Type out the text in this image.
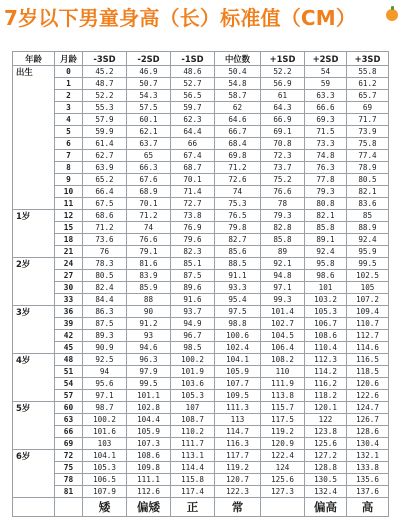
7岁以下男童身高（长）标准值（CM）
年龄	月龄	-3SD	-2SD	-1SD	中位数	+1SD	+2SD	+3SD
出生	0	45.2	46.9	48.6	50.4	52.2	54	55.8
	1	48.7	50.7	52.7	54.8	56.9	59	61.2
	2	52.2	54.3	56.5	58.7	61	63.3	65.7
	3	55.3	57.5	59.7	62	64.3	66.6	69
	4	57.9	60.1	62.3	64.6	66.9	69.3	71.7
	5	59.9	62.1	64.4	66.7	69.1	71.5	73.9
	6	61.4	63.7	66	68.4	70.8	73.3	75.8
	7	62.7	65	67.4	69.8	72.3	74.8	77.4
	8	63.9	66.3	68.7	71.2	73.7	76.3	78.9
	9	65.2	67.6	70.1	72.6	75.2	77.8	80.5
	10	66.4	68.9	71.4	74	76.6	79.3	82.1
	11	67.5	70.1	72.7	75.3	78	80.8	83.6
1岁	12	68.6	71.2	73.8	76.5	79.3	82.1	85
	15	71.2	74	76.9	79.8	82.8	85.8	88.9
	18	73.6	76.6	79.6	82.7	85.8	89.1	92.4
	21	76	79.1	82.3	85.6	89	92.4	95.9
2岁	24	78.3	81.6	85.1	88.5	92.1	95.8	99.5
	27	80.5	83.9	87.5	91.1	94.8	98.6	102.5
	30	82.4	85.9	89.6	93.3	97.1	101	105
	33	84.4	88	91.6	95.4	99.3	103.2	107.2
3岁	36	86.3	90	93.7	97.5	101.4	105.3	109.4
	39	87.5	91.2	94.9	98.8	102.7	106.7	110.7
	42	89.3	93	96.7	100.6	104.5	108.6	112.7
	45	90.9	94.6	98.5	102.4	106.4	110.4	114.6
4岁	48	92.5	96.3	100.2	104.1	108.2	112.3	116.5
	51	94	97.9	101.9	105.9	110	114.2	118.5
	54	95.6	99.5	103.6	107.7	111.9	116.2	120.6
	57	97.1	101.1	105.3	109.5	113.8	118.2	122.6
5岁	60	98.7	102.8	107	111.3	115.7	120.1	124.7
	63	100.2	104.4	108.7	113	117.5	122	126.7
	66	101.6	105.9	110.2	114.7	119.2	123.8	128.6
	69	103	107.3	111.7	116.3	120.9	125.6	130.4
6岁	72	104.1	108.6	113.1	117.7	122.4	127.2	132.1
	75	105.3	109.8	114.4	119.2	124	128.8	133.8
	78	106.5	111.1	115.8	120.7	125.6	130.5	135.6
	81	107.9	112.6	117.4	122.3	127.3	132.4	137.6
		矮	偏矮	正	常		偏高	高
